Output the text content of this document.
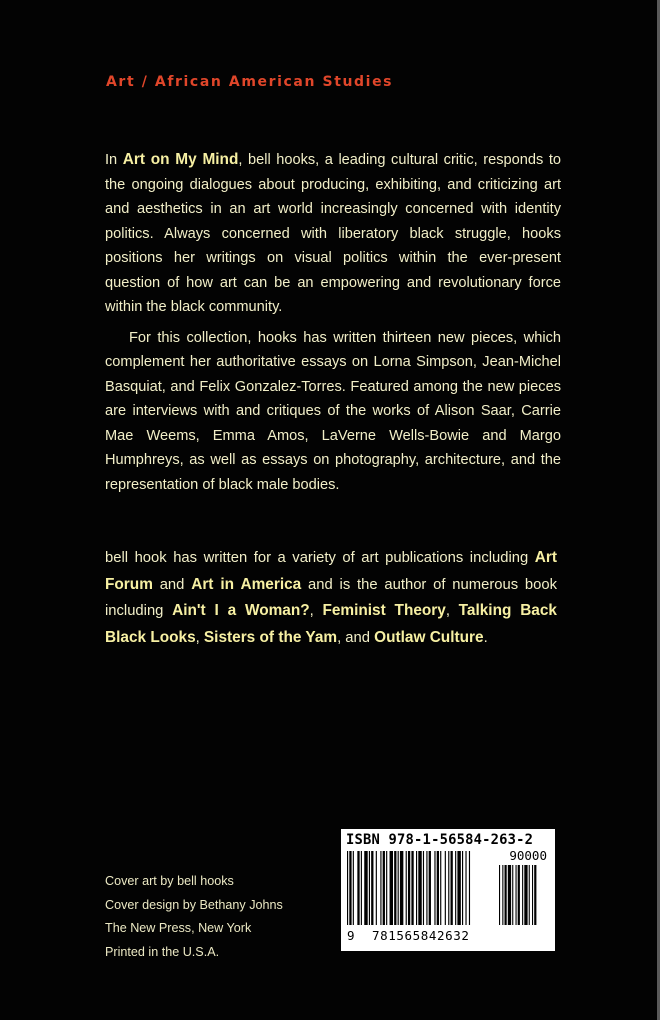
Art / African American Studies

In Art on My Mind, bell hooks, a leading cultural critic, responds to the ongoing dialogues about producing, exhibiting, and criticizing art and aesthetics in an art world increasingly concerned with identity politics. Always concerned with liberatory black struggle, hooks positions her writings on visual politics within the ever-present question of how art can be an empowering and revolutionary force within the black community.

For this collection, hooks has written thirteen new pieces, which complement her authoritative essays on Lorna Simpson, Jean-Michel Basquiat, and Felix Gonzalez-Torres. Featured among the new pieces are interviews with and critiques of the works of Alison Saar, Carrie Mae Weems, Emma Amos, LaVerne Wells-Bowie and Margo Humphreys, as well as essays on photography, architecture, and the representation of black male bodies.

bell hook has written for a variety of art publications including Art Forum and Art in America and is the author of numerous book including Ain't I a Woman?, Feminist Theory, Talking Back Black Looks, Sisters of the Yam, and Outlaw Culture.

Cover art by bell hooks
Cover design by Bethany Johns
The New Press, New York
Printed in the U.S.A.
ISBN 978-1-56584-263-2
90000
9 781565842632
